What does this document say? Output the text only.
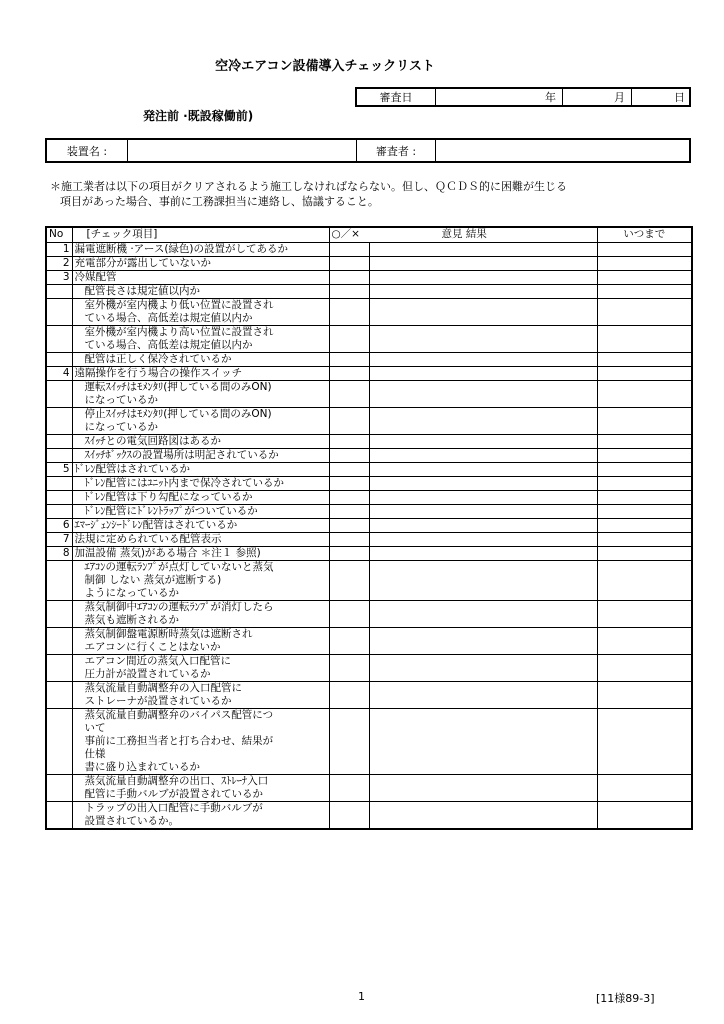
空冷エアコン設備導入チェックリスト
審査日	年	月	日
発注前 ·既設稼働前)
装置名 :		審査者 :	
＊施工業者は以下の項目がクリアされるよう施工しなければならない。但し、ＱＣＤＳ的に困難が生じる
項目があった場合、事前に工務課担当に連絡し、協議すること。
No	[チェック項目]	○／× 意見 結果		いつまで
1	漏電遮断機 ·アース(緑色)の設置がしてあるか			
2	充電部分が露出していないか			
3	冷媒配管			
	配管長さは規定値以内か			
	室外機が室内機より低い位置に設置され
ている場合、高低差は規定値以内か			
	室外機が室内機より高い位置に設置され
ている場合、高低差は規定値以内か			
	配管は正しく保冷されているか			
4	遠隔操作を行う場合の操作スイッチ			
	運転ｽｲｯﾁはﾓﾒﾝﾀﾘ(押している間のみON)
になっているか			
	停止ｽｲｯﾁはﾓﾒﾝﾀﾘ(押している間のみON)
になっているか			
	ｽｲｯﾁとの電気回路図はあるか			
	ｽｲｯﾁﾎﾞｯｸｽの設置場所は明記されているか			
5	ﾄﾞﾚﾝ配管はされているか			
	ﾄﾞﾚﾝ配管にはﾕﾆｯﾄ内まで保冷されているか			
	ﾄﾞﾚﾝ配管は下り勾配になっているか			
	ﾄﾞﾚﾝ配管にﾄﾞﾚﾝﾄﾗｯﾌﾟがついているか			
6	ｴﾏｰｼﾞｪﾝｼｰﾄﾞﾚﾝ配管はされているか			
7	法規に定められている配管表示			
8	加温設備 蒸気)がある場合 ＊注１ 参照)			
	ｴｱｺﾝの運転ﾗﾝﾌﾟが点灯していないと蒸気
制御 しない 蒸気が遮断する)
ようになっているか			
	蒸気制御中ｴｱｺﾝの運転ﾗﾝﾌﾟが消灯したら
蒸気も遮断されるか			
	蒸気制御盤電源断時蒸気は遮断され
エアコンに行くことはないか			
	エアコン間近の蒸気入口配管に
圧力計が設置されているか			
	蒸気流量自動調整弁の入口配管に
ストレーナが設置されているか			
	蒸気流量自動調整弁のバイパス配管につ
いて
事前に工務担当者と打ち合わせ、結果が
仕様
書に盛り込まれているか			
	蒸気流量自動調整弁の出口、ｽﾄﾚｰﾅ入口
配管に手動バルブが設置されているか			
	トラップの出入口配管に手動バルブが
設置されているか。			
1	[11様89-3]
